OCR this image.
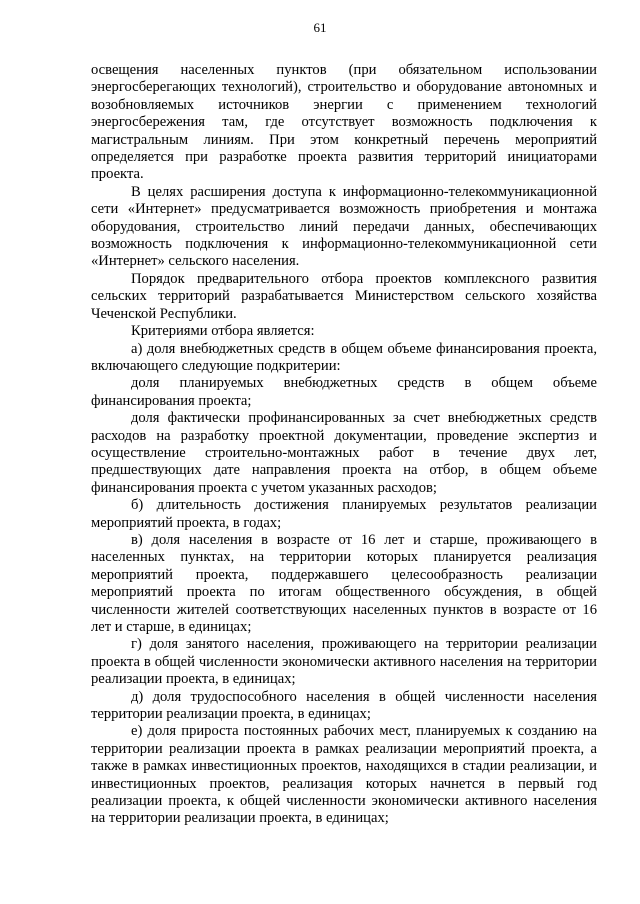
61

освещения населенных пунктов (при обязательном использовании энергосберегающих технологий), строительство и оборудование автономных и возобновляемых источников энергии с применением технологий энергосбережения там, где отсутствует возможность подключения к магистральным линиям. При этом конкретный перечень мероприятий определяется при разработке проекта развития территорий инициаторами проекта.

В целях расширения доступа к информационно-телекоммуникационной сети «Интернет» предусматривается возможность приобретения и монтажа оборудования, строительство линий передачи данных, обеспечивающих возможность подключения к информационно-телекоммуникационной сети «Интернет» сельского населения.

Порядок предварительного отбора проектов комплексного развития сельских территорий разрабатывается Министерством сельского хозяйства Чеченской Республики.

Критериями отбора является:

а) доля внебюджетных средств в общем объеме финансирования проекта, включающего следующие подкритерии:

доля планируемых внебюджетных средств в общем объеме финансирования проекта;

доля фактически профинансированных за счет внебюджетных средств расходов на разработку проектной документации, проведение экспертиз и осуществление строительно-монтажных работ в течение двух лет, предшествующих дате направления проекта на отбор, в общем объеме финансирования проекта с учетом указанных расходов;

б) длительность достижения планируемых результатов реализации мероприятий проекта, в годах;

в) доля населения в возрасте от 16 лет и старше, проживающего в населенных пунктах, на территории которых планируется реализация мероприятий проекта, поддержавшего целесообразность реализации мероприятий проекта по итогам общественного обсуждения, в общей численности жителей соответствующих населенных пунктов в возрасте от 16 лет и старше, в единицах;

г) доля занятого населения, проживающего на территории реализации проекта в общей численности экономически активного населения на территории реализации проекта, в единицах;

д) доля трудоспособного населения в общей численности населения территории реализации проекта, в единицах;

е) доля прироста постоянных рабочих мест, планируемых к созданию на территории реализации проекта в рамках реализации мероприятий проекта, а также в рамках инвестиционных проектов, находящихся в стадии реализации, и инвестиционных проектов, реализация которых начнется в первый год реализации проекта, к общей численности экономически активного населения на территории реализации проекта, в единицах;
